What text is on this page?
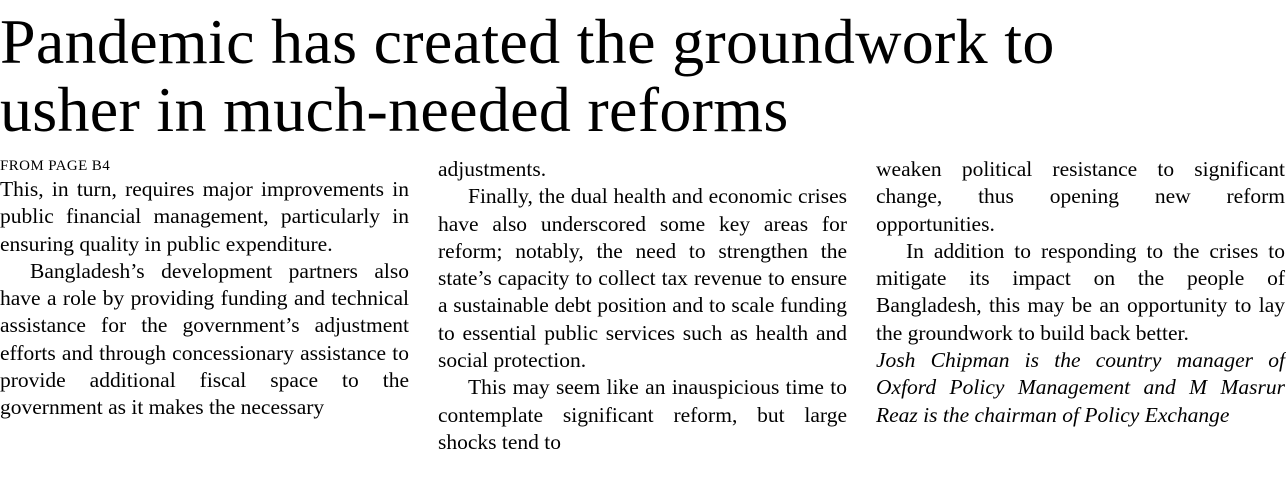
Pandemic has created the groundwork to
usher in much-needed reforms
FROM PAGE B4

This, in turn, requires major improvements in public financial management, particularly in ensuring quality in public expenditure.

Bangladesh’s development partners also have a role by providing funding and technical assistance for the government’s adjustment efforts and through concessionary assistance to provide additional fiscal space to the government as it makes the necessary

adjustments.

Finally, the dual health and economic crises have also underscored some key areas for reform; notably, the need to strengthen the state’s capacity to collect tax revenue to ensure a sustainable debt position and to scale funding to essential public services such as health and social protection.

This may seem like an inauspicious time to contemplate significant reform, but large shocks tend to

weaken political resistance to significant change, thus opening new reform opportunities.

In addition to responding to the crises to mitigate its impact on the people of Bangladesh, this may be an opportunity to lay the groundwork to build back better.

Josh Chipman is the country manager of Oxford Policy Management and M Masrur Reaz is the chairman of Policy Exchange
